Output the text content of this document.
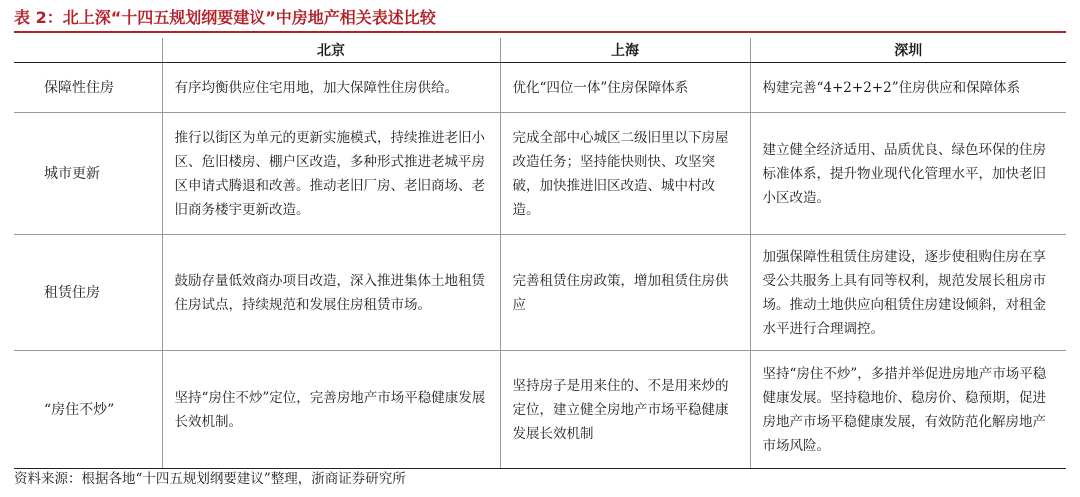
表 2：北上深“十四五规划纲要建议”中房地产相关表述比较
	北京	上海	深圳
保障性住房	有序均衡供应住宅用地，加大保障性住房供给。	优化“四位一体”住房保障体系	构建完善“4+2+2+2”住房供应和保障体系
城市更新	推行以街区为单元的更新实施模式，持续推进老旧小区、危旧楼房、棚户区改造，多种形式推进老城平房区申请式腾退和改善。推动老旧厂房、老旧商场、老旧商务楼宇更新改造。	完成全部中心城区二级旧里以下房屋改造任务；坚持能快则快、攻坚突破，加快推进旧区改造、城中村改造。	建立健全经济适用、品质优良、绿色环保的住房标准体系，提升物业现代化管理水平，加快老旧小区改造。
租赁住房	鼓励存量低效商办项目改造，深入推进集体土地租赁住房试点，持续规范和发展住房租赁市场。	完善租赁住房政策，增加租赁住房供应	加强保障性租赁住房建设，逐步使租购住房在享受公共服务上具有同等权利，规范发展长租房市场。推动土地供应向租赁住房建设倾斜，对租金水平进行合理调控。
“房住不炒”	坚持“房住不炒”定位，完善房地产市场平稳健康发展长效机制。	坚持房子是用来住的、不是用来炒的定位，建立健全房地产市场平稳健康发展长效机制	坚持“房住不炒”，多措并举促进房地产市场平稳健康发展。坚持稳地价、稳房价、稳预期，促进房地产市场平稳健康发展，有效防范化解房地产市场风险。
资料来源：根据各地“十四五规划纲要建议”整理，浙商证券研究所
